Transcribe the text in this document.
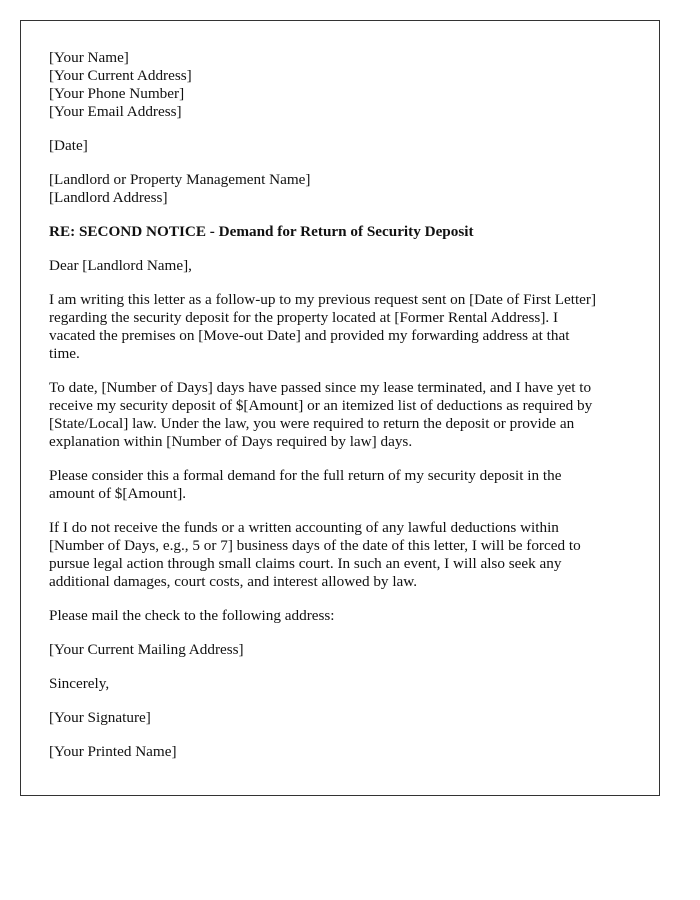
[Your Name]
[Your Current Address]
[Your Phone Number]
[Your Email Address]
[Date]
[Landlord or Property Management Name]
[Landlord Address]
RE: SECOND NOTICE - Demand for Return of Security Deposit
Dear [Landlord Name],
I am writing this letter as a follow-up to my previous request sent on [Date of First Letter]
regarding the security deposit for the property located at [Former Rental Address]. I
vacated the premises on [Move-out Date] and provided my forwarding address at that
time.
To date, [Number of Days] days have passed since my lease terminated, and I have yet to
receive my security deposit of $[Amount] or an itemized list of deductions as required by
[State/Local] law. Under the law, you were required to return the deposit or provide an
explanation within [Number of Days required by law] days.
Please consider this a formal demand for the full return of my security deposit in the
amount of $[Amount].
If I do not receive the funds or a written accounting of any lawful deductions within
[Number of Days, e.g., 5 or 7] business days of the date of this letter, I will be forced to
pursue legal action through small claims court. In such an event, I will also seek any
additional damages, court costs, and interest allowed by law.
Please mail the check to the following address:
[Your Current Mailing Address]
Sincerely,
[Your Signature]
[Your Printed Name]
